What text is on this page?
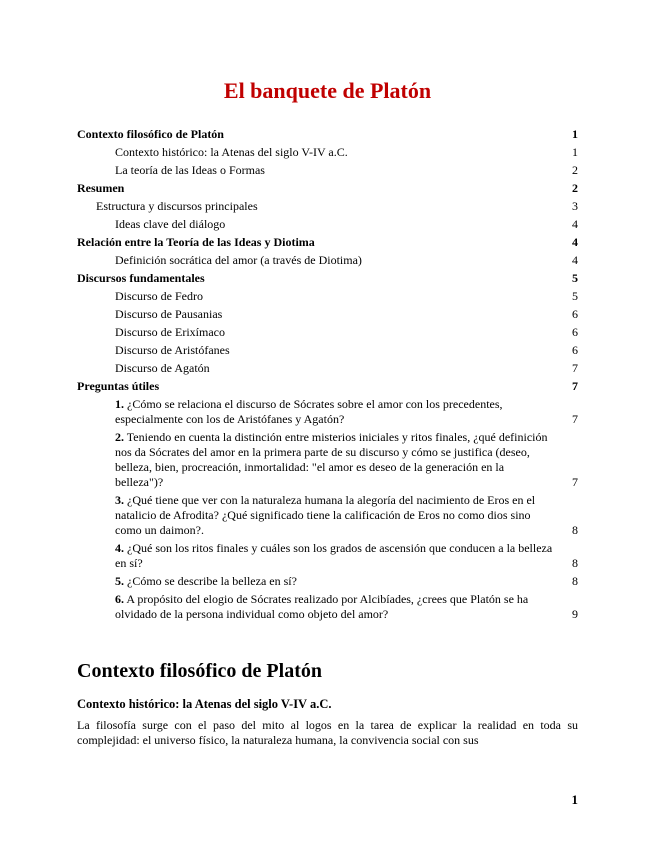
El banquete de Platón
Contexto filosófico de Platón	1
Contexto histórico: la Atenas del siglo V-IV a.C.	1
La teoría de las Ideas o Formas	2
Resumen	2
Estructura y discursos principales	3
Ideas clave del diálogo	4
Relación entre la Teoría de las Ideas y Diotima	4
Definición socrática del amor (a través de Diotima)	4
Discursos fundamentales	5
Discurso de Fedro	5
Discurso de Pausanias	6
Discurso de Erixímaco	6
Discurso de Aristófanes	6
Discurso de Agatón	7
Preguntas útiles	7
1. ¿Cómo se relaciona el discurso de Sócrates sobre el amor con los precedentes, especialmente con los de Aristófanes y Agatón?	7
2. Teniendo en cuenta la distinción entre misterios iniciales y ritos finales, ¿qué definición nos da Sócrates del amor en la primera parte de su discurso y cómo se justifica (deseo, belleza, bien, procreación, inmortalidad: "el amor es deseo de la generación en la belleza")?	7
3. ¿Qué tiene que ver con la naturaleza humana la alegoría del nacimiento de Eros en el natalicio de Afrodita? ¿Qué significado tiene la calificación de Eros no como dios sino como un daimon?.	8
4. ¿Qué son los ritos finales y cuáles son los grados de ascensión que conducen a la belleza en sí?	8
5. ¿Cómo se describe la belleza en sí?	8
6. A propósito del elogio de Sócrates realizado por Alcibíades, ¿crees que Platón se ha olvidado de la persona individual como objeto del amor?	9
Contexto filosófico de Platón
Contexto histórico: la Atenas del siglo V-IV a.C.
La filosofía surge con el paso del mito al logos en la tarea de explicar la realidad en toda su complejidad: el universo físico, la naturaleza humana, la convivencia social con sus
1
